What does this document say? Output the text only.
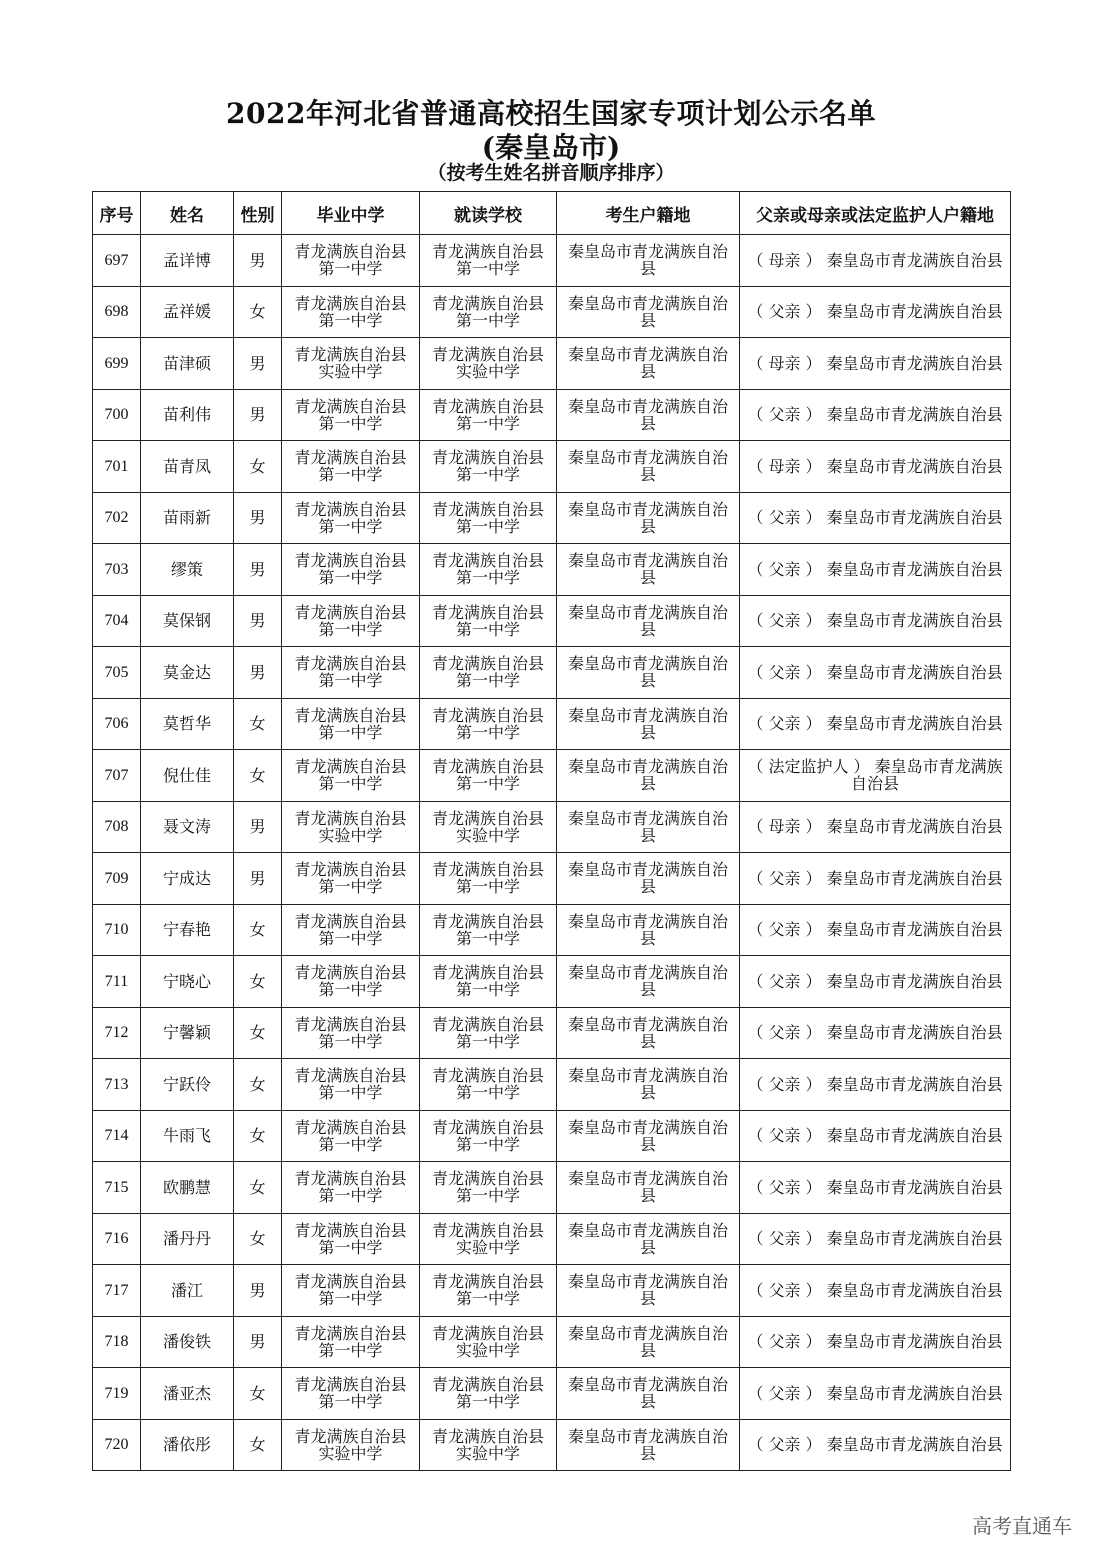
2022年河北省普通高校招生国家专项计划公示名单
(秦皇岛市)
（按考生姓名拼音顺序排序）
序号	姓名	性别	毕业中学	就读学校	考生户籍地	父亲或母亲或法定监护人户籍地
697	孟详博	男	青龙满族自治县第一中学	青龙满族自治县第一中学	秦皇岛市青龙满族自治县	（ 母亲 ） 秦皇岛市青龙满族自治县
698	孟祥媛	女	青龙满族自治县第一中学	青龙满族自治县第一中学	秦皇岛市青龙满族自治县	（ 父亲 ） 秦皇岛市青龙满族自治县
699	苗津硕	男	青龙满族自治县实验中学	青龙满族自治县实验中学	秦皇岛市青龙满族自治县	（ 母亲 ） 秦皇岛市青龙满族自治县
700	苗利伟	男	青龙满族自治县第一中学	青龙满族自治县第一中学	秦皇岛市青龙满族自治县	（ 父亲 ） 秦皇岛市青龙满族自治县
701	苗青凤	女	青龙满族自治县第一中学	青龙满族自治县第一中学	秦皇岛市青龙满族自治县	（ 母亲 ） 秦皇岛市青龙满族自治县
702	苗雨新	男	青龙满族自治县第一中学	青龙满族自治县第一中学	秦皇岛市青龙满族自治县	（ 父亲 ） 秦皇岛市青龙满族自治县
703	缪策	男	青龙满族自治县第一中学	青龙满族自治县第一中学	秦皇岛市青龙满族自治县	（ 父亲 ） 秦皇岛市青龙满族自治县
704	莫保钢	男	青龙满族自治县第一中学	青龙满族自治县第一中学	秦皇岛市青龙满族自治县	（ 父亲 ） 秦皇岛市青龙满族自治县
705	莫金达	男	青龙满族自治县第一中学	青龙满族自治县第一中学	秦皇岛市青龙满族自治县	（ 父亲 ） 秦皇岛市青龙满族自治县
706	莫哲华	女	青龙满族自治县第一中学	青龙满族自治县第一中学	秦皇岛市青龙满族自治县	（ 父亲 ） 秦皇岛市青龙满族自治县
707	倪仕佳	女	青龙满族自治县第一中学	青龙满族自治县第一中学	秦皇岛市青龙满族自治县	（ 法定监护人 ） 秦皇岛市青龙满族自治县
708	聂文涛	男	青龙满族自治县实验中学	青龙满族自治县实验中学	秦皇岛市青龙满族自治县	（ 母亲 ） 秦皇岛市青龙满族自治县
709	宁成达	男	青龙满族自治县第一中学	青龙满族自治县第一中学	秦皇岛市青龙满族自治县	（ 父亲 ） 秦皇岛市青龙满族自治县
710	宁春艳	女	青龙满族自治县第一中学	青龙满族自治县第一中学	秦皇岛市青龙满族自治县	（ 父亲 ） 秦皇岛市青龙满族自治县
711	宁晓心	女	青龙满族自治县第一中学	青龙满族自治县第一中学	秦皇岛市青龙满族自治县	（ 父亲 ） 秦皇岛市青龙满族自治县
712	宁馨颖	女	青龙满族自治县第一中学	青龙满族自治县第一中学	秦皇岛市青龙满族自治县	（ 父亲 ） 秦皇岛市青龙满族自治县
713	宁跃伶	女	青龙满族自治县第一中学	青龙满族自治县第一中学	秦皇岛市青龙满族自治县	（ 父亲 ） 秦皇岛市青龙满族自治县
714	牛雨飞	女	青龙满族自治县第一中学	青龙满族自治县第一中学	秦皇岛市青龙满族自治县	（ 父亲 ） 秦皇岛市青龙满族自治县
715	欧鹏慧	女	青龙满族自治县第一中学	青龙满族自治县第一中学	秦皇岛市青龙满族自治县	（ 父亲 ） 秦皇岛市青龙满族自治县
716	潘丹丹	女	青龙满族自治县第一中学	青龙满族自治县实验中学	秦皇岛市青龙满族自治县	（ 父亲 ） 秦皇岛市青龙满族自治县
717	潘江	男	青龙满族自治县第一中学	青龙满族自治县第一中学	秦皇岛市青龙满族自治县	（ 父亲 ） 秦皇岛市青龙满族自治县
718	潘俊铁	男	青龙满族自治县第一中学	青龙满族自治县实验中学	秦皇岛市青龙满族自治县	（ 父亲 ） 秦皇岛市青龙满族自治县
719	潘亚杰	女	青龙满族自治县第一中学	青龙满族自治县第一中学	秦皇岛市青龙满族自治县	（ 父亲 ） 秦皇岛市青龙满族自治县
720	潘依彤	女	青龙满族自治县实验中学	青龙满族自治县实验中学	秦皇岛市青龙满族自治县	（ 父亲 ） 秦皇岛市青龙满族自治县
高考直通车
